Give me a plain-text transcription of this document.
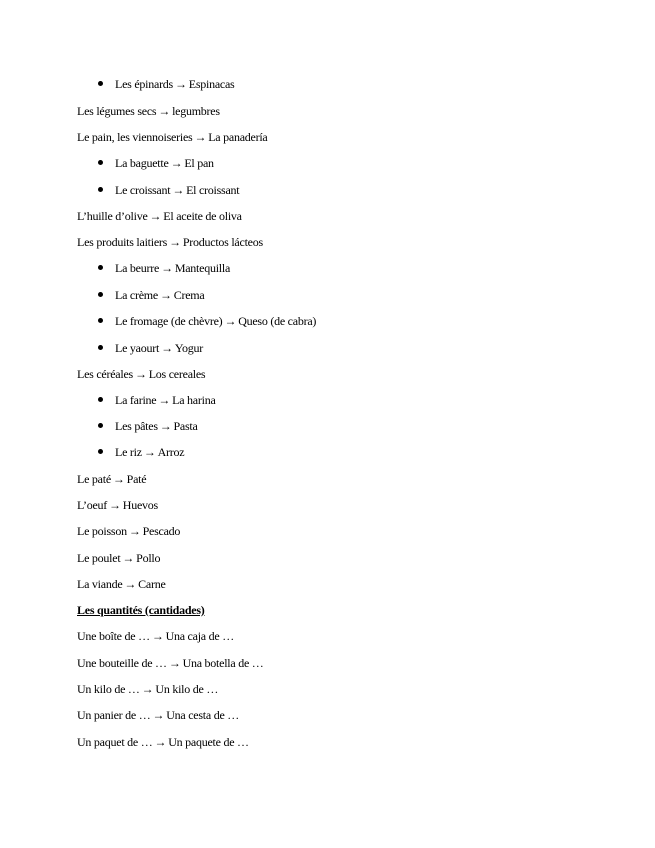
Les épinards → Espinacas
Les légumes secs → legumbres
Le pain, les viennoiseries → La panadería
La baguette → El pan
Le croissant → El croissant
L’huille d’olive → El aceite de oliva
Les produits laitiers → Productos lácteos
La beurre → Mantequilla
La crème → Crema
Le fromage (de chèvre) → Queso (de cabra)
Le yaourt → Yogur
Les céréales → Los cereales
La farine → La harina
Les pâtes → Pasta
Le riz → Arroz
Le paté → Paté
L’oeuf → Huevos
Le poisson → Pescado
Le poulet → Pollo
La viande → Carne
Les quantités (cantidades)
Une boîte de … → Una caja de …
Une bouteille de … → Una botella de …
Un kilo de … → Un kilo de …
Un panier de … → Una cesta de …
Un paquet de … → Un paquete de …
